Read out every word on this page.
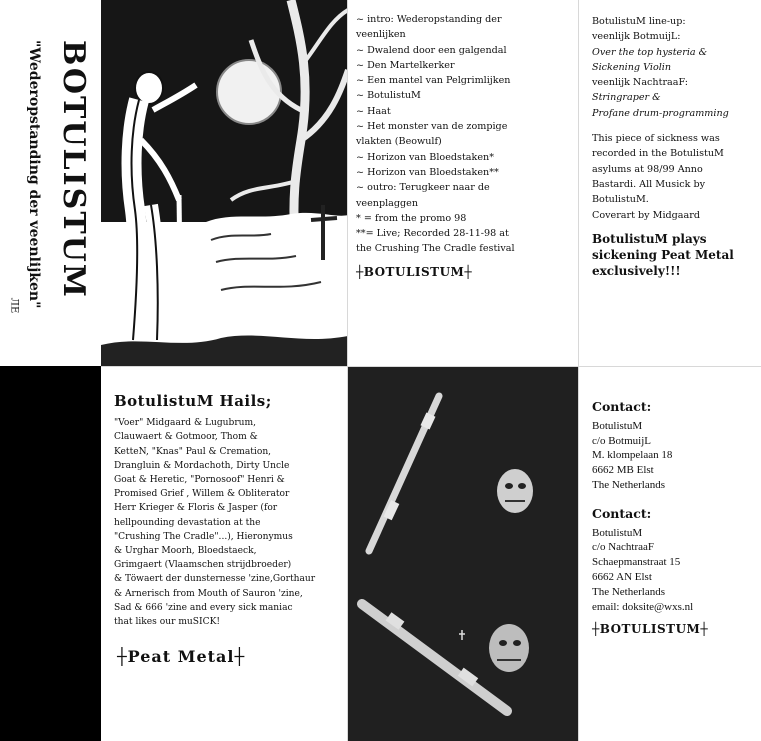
BOTULISTUM
"Wederopstanding der veenlijken"
ЛЕ
~ intro: Wederopstanding der
veenlijken
~ Dwalend door een galgendal
~ Den Martelkerker
~ Een mantel van Pelgrimlijken
~ BotulistuM
~ Haat
~ Het monster van de zompige
vlakten (Beowulf)
~ Horizon van Bloedstaken*
~ Horizon van Bloedstaken**
~ outro: Terugkeer naar de
veenplaggen
* = from the promo 98
**= Live; Recorded 28-11-98 at
the Crushing The Cradle festival
┼BOTULISTUM┼
BotulistuM line-up:
veenlijk BotmuijL:
Over the top hysteria &
Sickening Violin
veenlijk NachtraaF:
Stringraper &
Profane drum-programming
This piece of sickness was
recorded in the BotulistuM
asylums at 98/99 Anno
Bastardi. All Musick by
BotulistuM.
Coverart by Midgaard
BotulistuM plays
sickening Peat Metal
exclusively!!!
BotulistuM Hails;
"Voer" Midgaard & Lugubrum,
Clauwaert & Gotmoor, Thom &
KetteN, "Knas" Paul & Cremation,
Drangluin & Mordachoth, Dirty Uncle
Goat & Heretic, "Pornosoof" Henri &
Promised Grief , Willem & Obliterator
Herr Krieger & Floris & Jasper (for
hellpounding devastation at the
"Crushing The Cradle"...), Hieronymus
& Urghar Moorh, Bloedstaeck,
Grimgaert (Vlaamschen strijdbroeder)
& Töwaert der dunsternesse 'zine,Gorthaur
& Arnerisch from Mouth of Sauron 'zine,
Sad & 666 'zine and every sick maniac
that likes our muSICK!
┼Peat Metal┼
Contact:
BotulistuM
c/o BotmuijL
M. klompelaan 18
6662 MB Elst
The Netherlands
Contact:
BotulistuM
c/o NachtraaF
Schaepmanstraat 15
6662 AN Elst
The Netherlands
email: doksite@wxs.nl
┼BOTULISTUM┼
